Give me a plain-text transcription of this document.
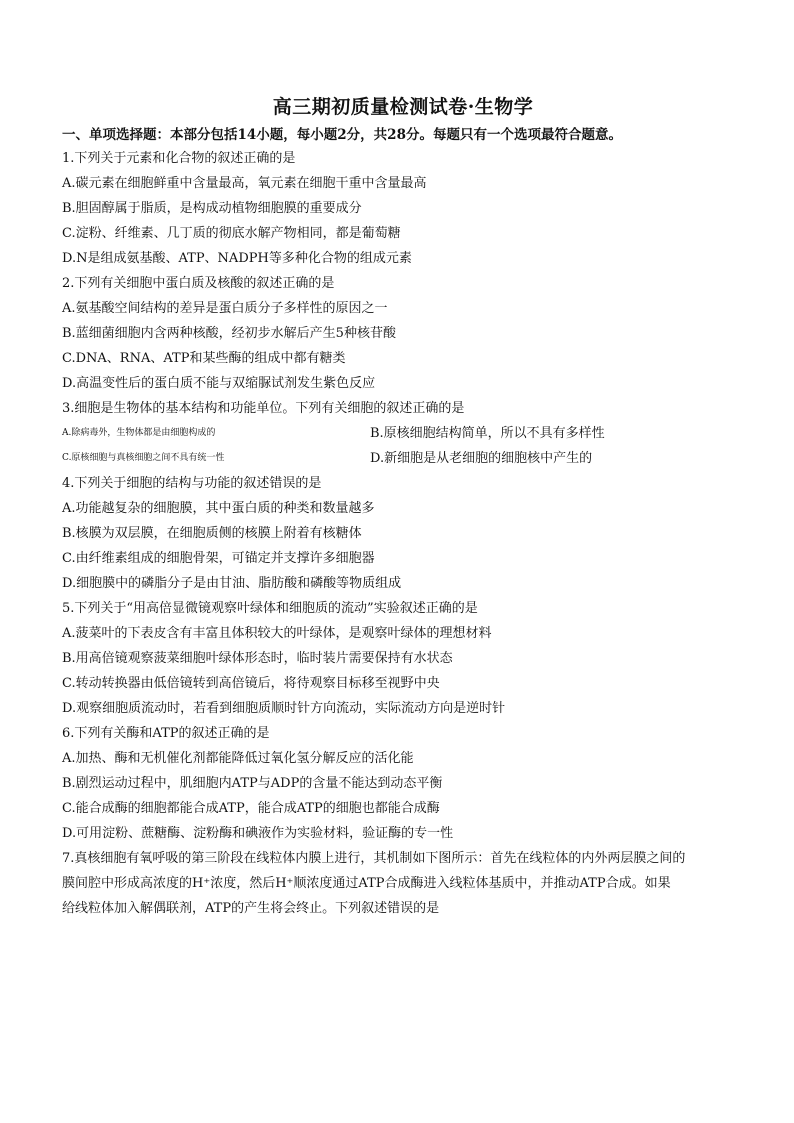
高三期初质量检测试卷·生物学
一、单项选择题：本部分包括14小题，每小题2分，共28分。每题只有一个选项最符合题意。
1.下列关于元素和化合物的叙述正确的是
A.碳元素在细胞鲜重中含量最高，氧元素在细胞干重中含量最高
B.胆固醇属于脂质，是构成动植物细胞膜的重要成分
C.淀粉、纤维素、几丁质的彻底水解产物相同，都是葡萄糖
D.N是组成氨基酸、ATP、NADPH等多种化合物的组成元素
2.下列有关细胞中蛋白质及核酸的叙述正确的是
A.氨基酸空间结构的差异是蛋白质分子多样性的原因之一
B.蓝细菌细胞内含两种核酸，经初步水解后产生5种核苷酸
C.DNA、RNA、ATP和某些酶的组成中都有糖类
D.高温变性后的蛋白质不能与双缩脲试剂发生紫色反应
3.细胞是生物体的基本结构和功能单位。下列有关细胞的叙述正确的是
A.除病毒外，生物体都是由细胞构成的	B.原核细胞结构简单，所以不具有多样性
C.原核细胞与真核细胞之间不具有统一性	D.新细胞是从老细胞的细胞核中产生的
4.下列关于细胞的结构与功能的叙述错误的是
A.功能越复杂的细胞膜，其中蛋白质的种类和数量越多
B.核膜为双层膜，在细胞质侧的核膜上附着有核糖体
C.由纤维素组成的细胞骨架，可锚定并支撑许多细胞器
D.细胞膜中的磷脂分子是由甘油、脂肪酸和磷酸等物质组成
5.下列关于“用高倍显微镜观察叶绿体和细胞质的流动”实验叙述正确的是
A.菠菜叶的下表皮含有丰富且体积较大的叶绿体，是观察叶绿体的理想材料
B.用高倍镜观察菠菜细胞叶绿体形态时，临时装片需要保持有水状态
C.转动转换器由低倍镜转到高倍镜后，将待观察目标移至视野中央
D.观察细胞质流动时，若看到细胞质顺时针方向流动，实际流动方向是逆时针
6.下列有关酶和ATP的叙述正确的是
A.加热、酶和无机催化剂都能降低过氧化氢分解反应的活化能
B.剧烈运动过程中，肌细胞内ATP与ADP的含量不能达到动态平衡
C.能合成酶的细胞都能合成ATP，能合成ATP的细胞也都能合成酶
D.可用淀粉、蔗糖酶、淀粉酶和碘液作为实验材料，验证酶的专一性
7.真核细胞有氧呼吸的第三阶段在线粒体内膜上进行，其机制如下图所示：首先在线粒体的内外两层膜之间的
膜间腔中形成高浓度的H⁺浓度，然后H⁺顺浓度通过ATP合成酶进入线粒体基质中，并推动ATP合成。如果
给线粒体加入解偶联剂，ATP的产生将会终止。下列叙述错误的是
